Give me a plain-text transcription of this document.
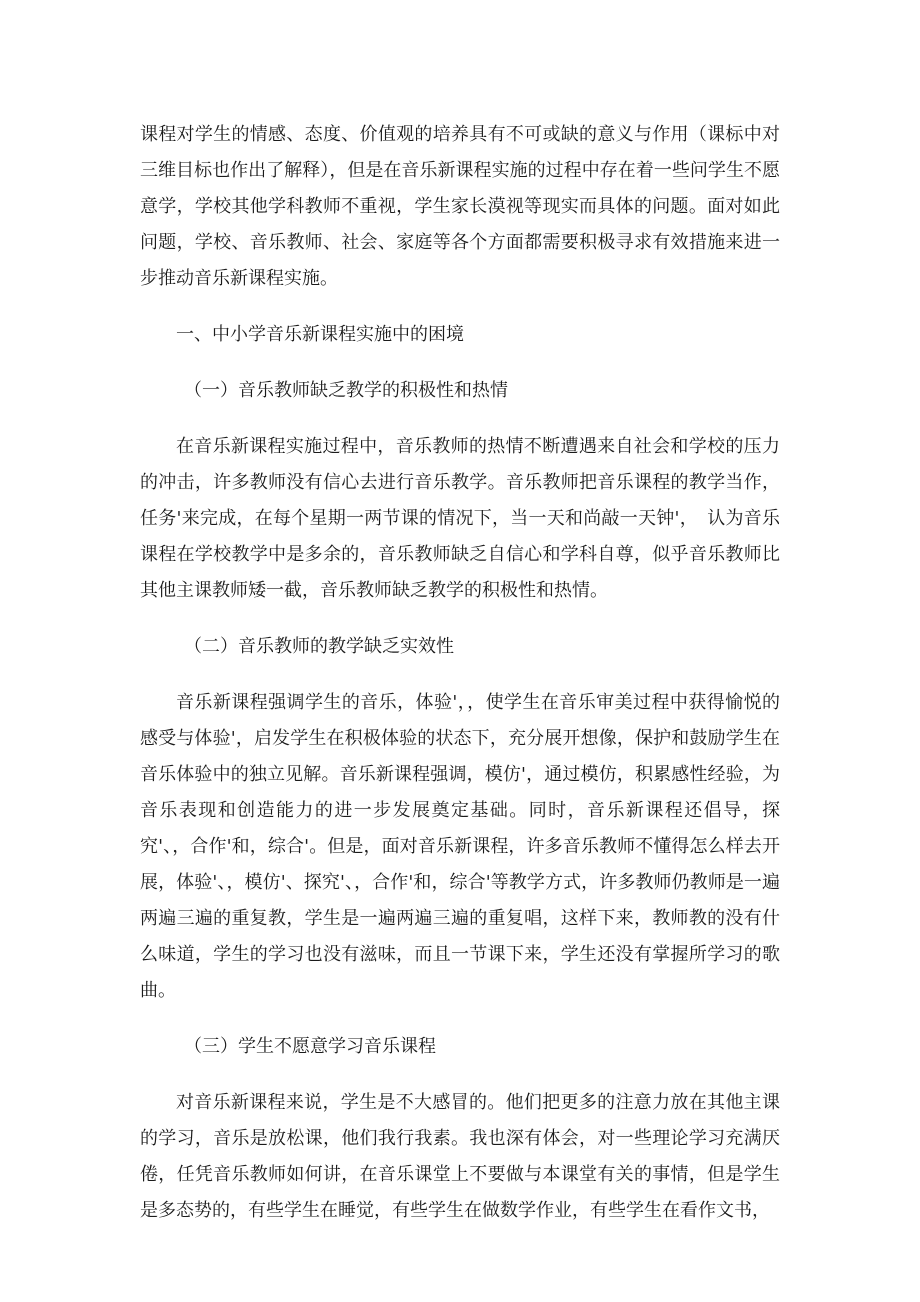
课程对学生的情感、态度、价值观的培养具有不可或缺的意义与作用（课标中对三维目标也作出了解释），但是在音乐新课程实施的过程中存在着一些问学生不愿意学，学校其他学科教师不重视，学生家长漠视等现实而具体的问题。面对如此问题，学校、音乐教师、社会、家庭等各个方面都需要积极寻求有效措施来进一步推动音乐新课程实施。

一、中小学音乐新课程实施中的困境

（一）音乐教师缺乏教学的积极性和热情

在音乐新课程实施过程中，音乐教师的热情不断遭遇来自社会和学校的压力的冲击，许多教师没有信心去进行音乐教学。音乐教师把音乐课程的教学当作，任务'来完成，在每个星期一两节课的情况下，当一天和尚敲一天钟'，　认为音乐课程在学校教学中是多余的，音乐教师缺乏自信心和学科自尊，似乎音乐教师比其他主课教师矮一截，音乐教师缺乏教学的积极性和热情。

（二）音乐教师的教学缺乏实效性

音乐新课程强调学生的音乐，体验'，，使学生在音乐审美过程中获得愉悦的感受与体验'，启发学生在积极体验的状态下，充分展开想像，保护和鼓励学生在音乐体验中的独立见解。音乐新课程强调，模仿'，通过模仿，积累感性经验，为音乐表现和创造能力的进一步发展奠定基础。同时，音乐新课程还倡导，探究'、，合作'和，综合'。但是，面对音乐新课程，许多音乐教师不懂得怎么样去开展，体验'、，模仿'、探究'、，合作'和，综合'等教学方式，许多教师仍教师是一遍两遍三遍的重复教，学生是一遍两遍三遍的重复唱，这样下来，教师教的没有什么味道，学生的学习也没有滋味，而且一节课下来，学生还没有掌握所学习的歌曲。

（三）学生不愿意学习音乐课程

对音乐新课程来说，学生是不大感冒的。他们把更多的注意力放在其他主课的学习，音乐是放松课，他们我行我素。我也深有体会，对一些理论学习充满厌倦，任凭音乐教师如何讲，在音乐课堂上不要做与本课堂有关的事情，但是学生是多态势的，有些学生在睡觉，有些学生在做数学作业，有些学生在看作文书，
